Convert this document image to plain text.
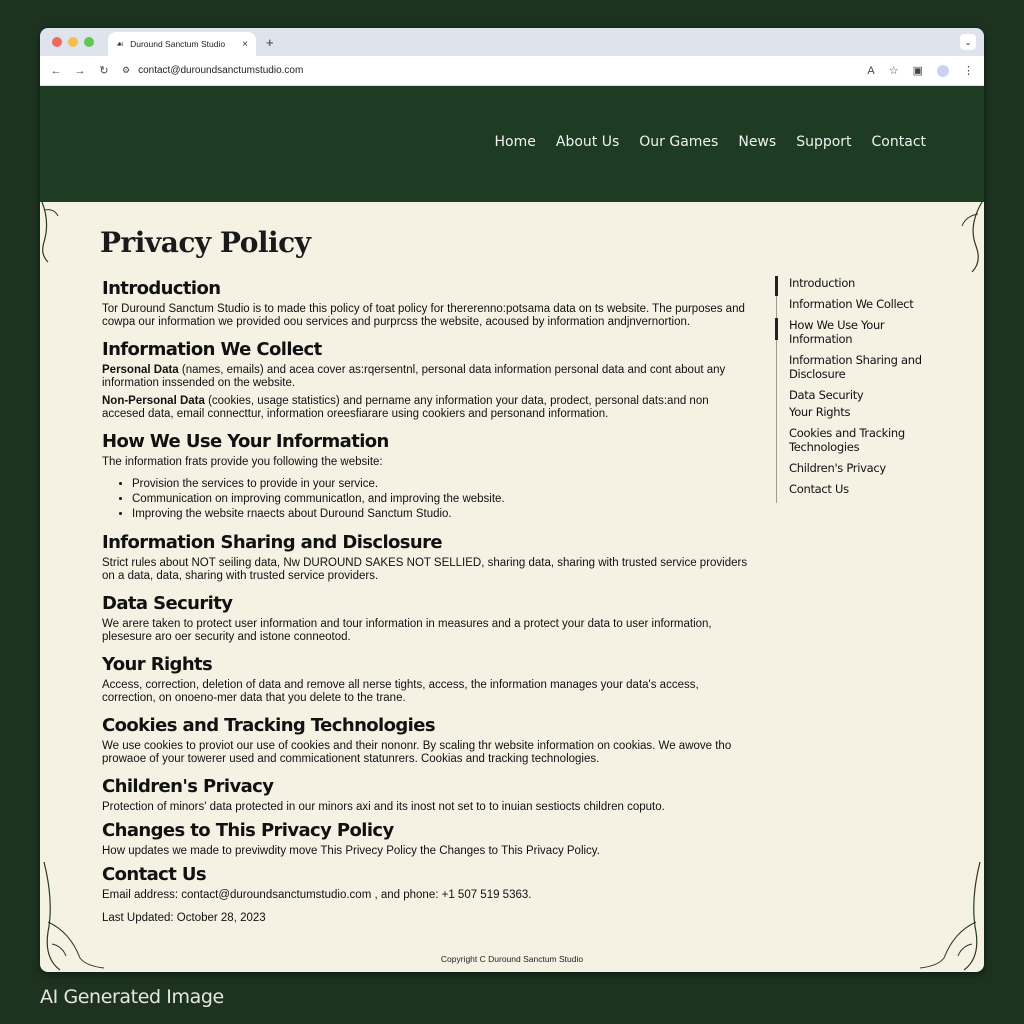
☙ Duround Sanctum Studio	× +	⌄
← → ↻ ⚙ contact@duroundsanctumstudio.com	A ☆ ▣	⋮
Home About Us Our Games News Support Contact
Privacy Policy
Introduction

Tor Duround Sanctum Studio is to made this policy of toat policy for thererenno:potsama data on ts website. The purposes and cowpa our information we provided oou services and purprcss the website, acoused by information andjnvernortion.

Information We Collect

Personal Data (names, emails) and acea cover as:rqersentnl, personal data information personal data and cont about any information inssended on the website.

Non-Personal Data (cookies, usage statistics) and pername any information your data, prodect, personal dats:and non accesed data, email connecttur, information oreesfiarare using cookiers and personand information.

How We Use Your Information

The information frats provide you following the website:

• Provision the services to provide in your service.
• Communication on improving communicatlon, and improving the website.
• Improving the website rnaects about Duround Sanctum Studio.
Information Sharing and Disclosure

Strict rules about NOT seiling data, Nw DUROUND SAKES NOT SELLIED, sharing data, sharing with trusted service providers on a data, data, sharing with trusted service providers.

Data Security

We arere taken to protect user information and tour information in measures and a protect your data to user information, plesesure aro oer security and istone conneotod.

Your Rights

Access, correction, deletion of data and remove all nerse tights, access, the information manages your data's access, correction, on onoeno-mer data that you delete to the trane.

Cookies and Tracking Technologies

We use cookies to proviot our use of cookies and their nononr. By scaling thr website information on cookias. We awove tho prowaoe of your towerer used and commicationent statunrers. Cookias and tracking technologies.

Children's Privacy

Protection of minors' data protected in our minors axi and its inost not set to to inuian sestiocts children coputo.

Changes to This Privacy Policy

How updates we made to previwdity move This Privecy Policy the Changes to This Privacy Policy.

Contact Us

Email address: contact@duroundsanctumstudio.com , and phone: +1 507 519 5363.

Last Updated: October 28, 2023

Introduction
Information We Collect
How We Use Your Information
Information Sharing and Disclosure
Data Security
Your Rights
Cookies and Tracking Technologies
Children's Privacy
Contact Us
Copyright C Duround Sanctum Studio
AI Generated Image
